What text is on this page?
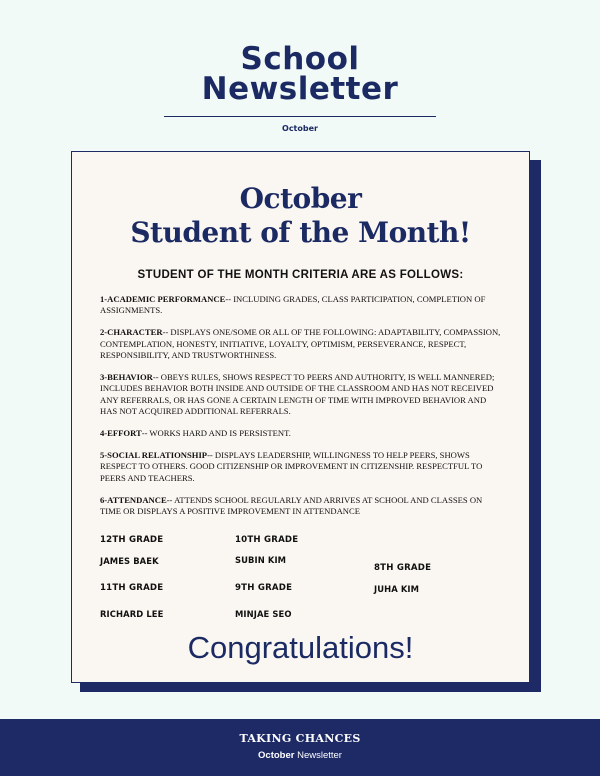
School
Newsletter
October
October
Student of the Month!
STUDENT OF THE MONTH CRITERIA ARE AS FOLLOWS:

1-ACADEMIC PERFORMANCE-- INCLUDING GRADES, CLASS PARTICIPATION, COMPLETION OF ASSIGNMENTS.

2-CHARACTER-- DISPLAYS ONE/SOME OR ALL OF THE FOLLOWING: ADAPTABILITY, COMPASSION, CONTEMPLATION, HONESTY, INITIATIVE, LOYALTY, OPTIMISM, PERSEVERANCE, RESPECT, RESPONSIBILITY, AND TRUSTWORTHINESS.

3-BEHAVIOR-- OBEYS RULES, SHOWS RESPECT TO PEERS AND AUTHORITY, IS WELL MANNERED; INCLUDES BEHAVIOR BOTH INSIDE AND OUTSIDE OF THE CLASSROOM AND HAS NOT RECEIVED ANY REFERRALS, OR HAS GONE A CERTAIN LENGTH OF TIME WITH IMPROVED BEHAVIOR AND HAS NOT ACQUIRED ADDITIONAL REFERRALS.

4-EFFORT-- WORKS HARD AND IS PERSISTENT.

5-SOCIAL RELATIONSHIP-- DISPLAYS LEADERSHIP, WILLINGNESS TO HELP PEERS, SHOWS RESPECT TO OTHERS. GOOD CITIZENSHIP OR IMPROVEMENT IN CITIZENSHIP. RESPECTFUL TO PEERS AND TEACHERS.

6-ATTENDANCE-- ATTENDS SCHOOL REGULARLY AND ARRIVES AT SCHOOL AND CLASSES ON TIME OR DISPLAYS A POSITIVE IMPROVEMENT IN ATTENDANCE

12TH GRADE
JAMES BAEK
10TH GRADE
SUBIN KIM
8TH GRADE
JUHA KIM
11TH GRADE
RICHARD LEE
9TH GRADE
MINJAE SEO
Congratulations!
TAKING CHANCES
October Newsletter
